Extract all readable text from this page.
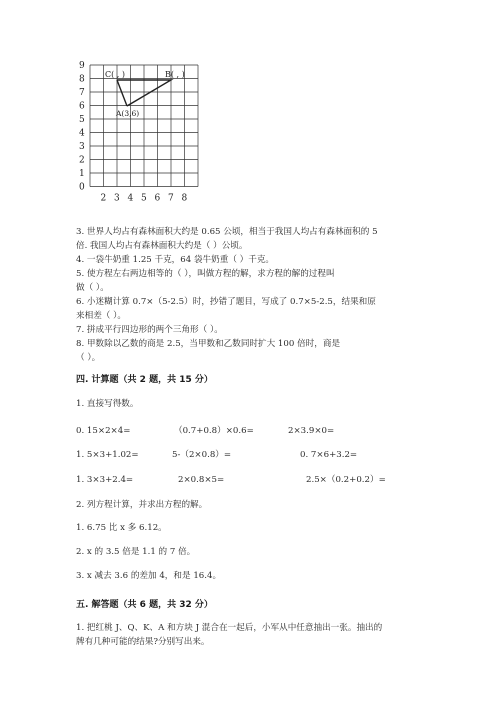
9
8
7
6
5
4
3
2
1
0
2 3 4 5 6 7 8
C( , )	B( , )
A(3,6)
3. 世界人均占有森林面积大约是 0.65 公顷，相当于我国人均占有森林面积的 5
倍. 我国人均占有森林面积大约是（ ）公顷。
4. 一袋牛奶重 1.25 千克，64 袋牛奶重（ ）千克。
5. 使方程左右两边相等的（ ），叫做方程的解，求方程的解的过程叫
做（ ）。
6. 小迷糊计算 0.7×（5-2.5）时，抄错了题目，写成了 0.7×5-2.5，结果和原
来相差（ ）。
7. 拼成平行四边形的两个三角形（ ）。
8. 甲数除以乙数的商是 2.5，当甲数和乙数同时扩大 100 倍时，商是
（ ）。
四. 计算题（共 2 题，共 15 分）
1. 直接写得数。
0. 15×2×4=	（0.7+0.8）×0.6=	2×3.9×0=
1. 5×3+1.02=	5-（2×0.8）=	0. 7×6+3.2=
1. 3×3+2.4=	2×0.8×5=	2.5×（0.2+0.2）=
2. 列方程计算，并求出方程的解。
1. 6.75 比 x 多 6.12。
2. x 的 3.5 倍是 1.1 的 7 倍。
3. x 减去 3.6 的差加 4，和是 16.4。
五. 解答题（共 6 题，共 32 分）
1. 把红桃 J、Q、K、A 和方块 J 混合在一起后，小军从中任意抽出一张。抽出的
牌有几种可能的结果?分别写出来。
